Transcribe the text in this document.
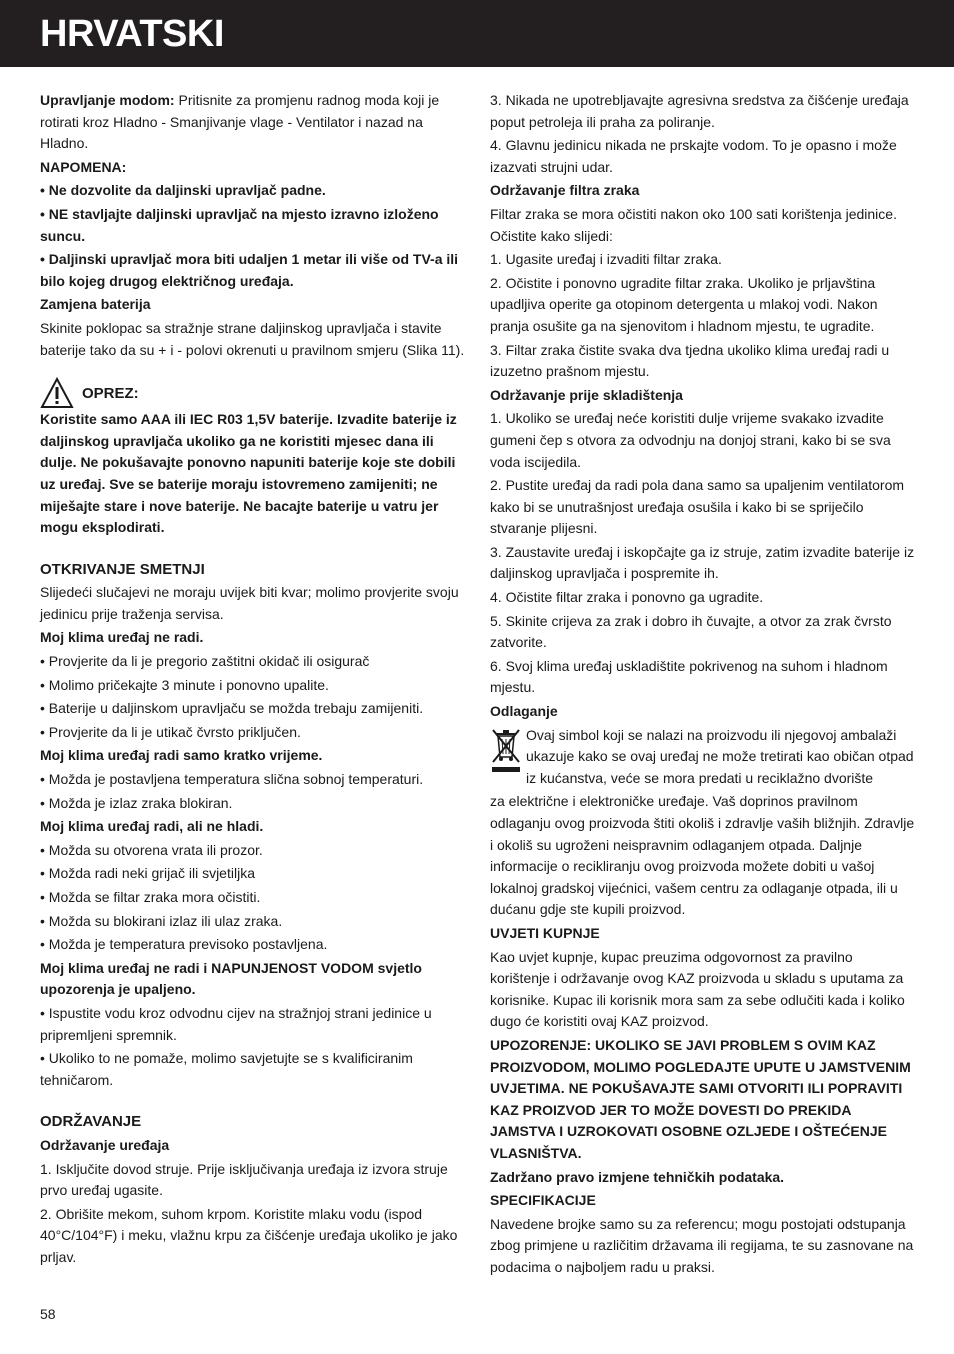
HRVATSKI

Upravljanje modom: Pritisnite za promjenu radnog moda koji je rotirati kroz Hladno - Smanjivanje vlage - Ventilator i nazad na Hladno.

NAPOMENA:

• Ne dozvolite da daljinski upravljač padne.

• NE stavljajte daljinski upravljač na mjesto izravno izloženo suncu.

• Daljinski upravljač mora biti udaljen 1 metar ili više od TV-a ili bilo kojeg drugog električnog uređaja.

Zamjena baterija

Skinite poklopac sa stražnje strane daljinskog upravljača i stavite baterije tako da su + i - polovi okrenuti u pravilnom smjeru (Slika 11).

OPREZ:

Koristite samo AAA ili IEC R03 1,5V baterije. Izvadite baterije iz daljinskog upravljača ukoliko ga ne koristiti mjesec dana ili dulje. Ne pokušavajte ponovno napuniti baterije koje ste dobili uz uređaj. Sve se baterije moraju istovremeno zamijeniti; ne miješajte stare i nove baterije. Ne bacajte baterije u vatru jer mogu eksplodirati.

OTKRIVANJE SMETNJI

Slijedeći slučajevi ne moraju uvijek biti kvar; molimo provjerite svoju jedinicu prije traženja servisa.

Moj klima uređaj ne radi.

• Provjerite da li je pregorio zaštitni okidač ili osigurač

• Molimo pričekajte 3 minute i ponovno upalite.

• Baterije u daljinskom upravljaču se možda trebaju zamijeniti.

• Provjerite da li je utikač čvrsto priključen.

Moj klima uređaj radi samo kratko vrijeme.

• Možda je postavljena temperatura slična sobnoj temperaturi.

• Možda je izlaz zraka blokiran.

Moj klima uređaj radi, ali ne hladi.

• Možda su otvorena vrata ili prozor.

• Možda radi neki grijač ili svjetiljka

• Možda se filtar zraka mora očistiti.

• Možda su blokirani izlaz ili ulaz zraka.

• Možda je temperatura previsoko postavljena.

Moj klima uređaj ne radi i NAPUNJENOST VODOM svjetlo upozorenja je upaljeno.

• Ispustite vodu kroz odvodnu cijev na stražnjoj strani jedinice u pripremljeni spremnik.

• Ukoliko to ne pomaže, molimo savjetujte se s kvalificiranim tehničarom.

ODRŽAVANJE

Održavanje uređaja

1. Isključite dovod struje. Prije isključivanja uređaja iz izvora struje prvo uređaj ugasite.

2. Obrišite mekom, suhom krpom. Koristite mlaku vodu (ispod 40°C/104°F) i meku, vlažnu krpu za čišćenje uređaja ukoliko je jako prljav.

3. Nikada ne upotrebljavajte agresivna sredstva za čišćenje uređaja poput petroleja ili praha za poliranje.

4. Glavnu jedinicu nikada ne prskajte vodom. To je opasno i može izazvati strujni udar.

Održavanje filtra zraka

Filtar zraka se mora očistiti nakon oko 100 sati korištenja jedinice. Očistite kako slijedi:

1. Ugasite uređaj i izvaditi filtar zraka.

2. Očistite i ponovno ugradite filtar zraka. Ukoliko je prljavština upadljiva operite ga otopinom detergenta u mlakoj vodi. Nakon pranja osušite ga na sjenovitom i hladnom mjestu, te ugradite.

3. Filtar zraka čistite svaka dva tjedna ukoliko klima uređaj radi u izuzetno prašnom mjestu.

Održavanje prije skladištenja

1. Ukoliko se uređaj neće koristiti dulje vrijeme svakako izvadite gumeni čep s otvora za odvodnju na donjoj strani, kako bi se sva voda iscijedila.

2. Pustite uređaj da radi pola dana samo sa upaljenim ventilatorom kako bi se unutrašnjost uređaja osušila i kako bi se spriječilo stvaranje plijesni.

3. Zaustavite uređaj i iskopčajte ga iz struje, zatim izvadite baterije iz daljinskog upravljača i pospremite ih.

4. Očistite filtar zraka i ponovno ga ugradite.

5. Skinite crijeva za zrak i dobro ih čuvajte, a otvor za zrak čvrsto zatvorite.

6. Svoj klima uređaj uskladištite pokrivenog na suhom i hladnom mjestu.

Odlaganje

Ovaj simbol koji se nalazi na proizvodu ili njegovoj ambalaži ukazuje kako se ovaj uređaj ne može tretirati kao običan otpad iz kućanstva, veće se mora predati u reciklažno dvorište

za električne i elektroničke uređaje. Vaš doprinos pravilnom odlaganju ovog proizvoda štiti okoliš i zdravlje vaših bližnjih. Zdravlje i okoliš su ugroženi neispravnim odlaganjem otpada. Daljnje informacije o recikliranju ovog proizvoda možete dobiti u vašoj lokalnoj gradskoj vijećnici, vašem centru za odlaganje otpada, ili u dućanu gdje ste kupili proizvod.

UVJETI KUPNJE

Kao uvjet kupnje, kupac preuzima odgovornost za pravilno korištenje i održavanje ovog KAZ proizvoda u skladu s uputama za korisnike. Kupac ili korisnik mora sam za sebe odlučiti kada i koliko dugo će koristiti ovaj KAZ proizvod.

UPOZORENJE: UKOLIKO SE JAVI PROBLEM S OVIM KAZ PROIZVODOM, MOLIMO POGLEDAJTE UPUTE U JAMSTVENIM UVJETIMA. NE POKUŠAVAJTE SAMI OTVORITI ILI POPRAVITI KAZ PROIZVOD JER TO MOŽE DOVESTI DO PREKIDA JAMSTVA I UZROKOVATI OSOBNE OZLJEDE I OŠTEĆENJE VLASNIŠTVA.

Zadržano pravo izmjene tehničkih podataka.

SPECIFIKACIJE

Navedene brojke samo su za referencu; mogu postojati odstupanja zbog primjene u različitim državama ili regijama, te su zasnovane na podacima o najboljem radu u praksi.

58
